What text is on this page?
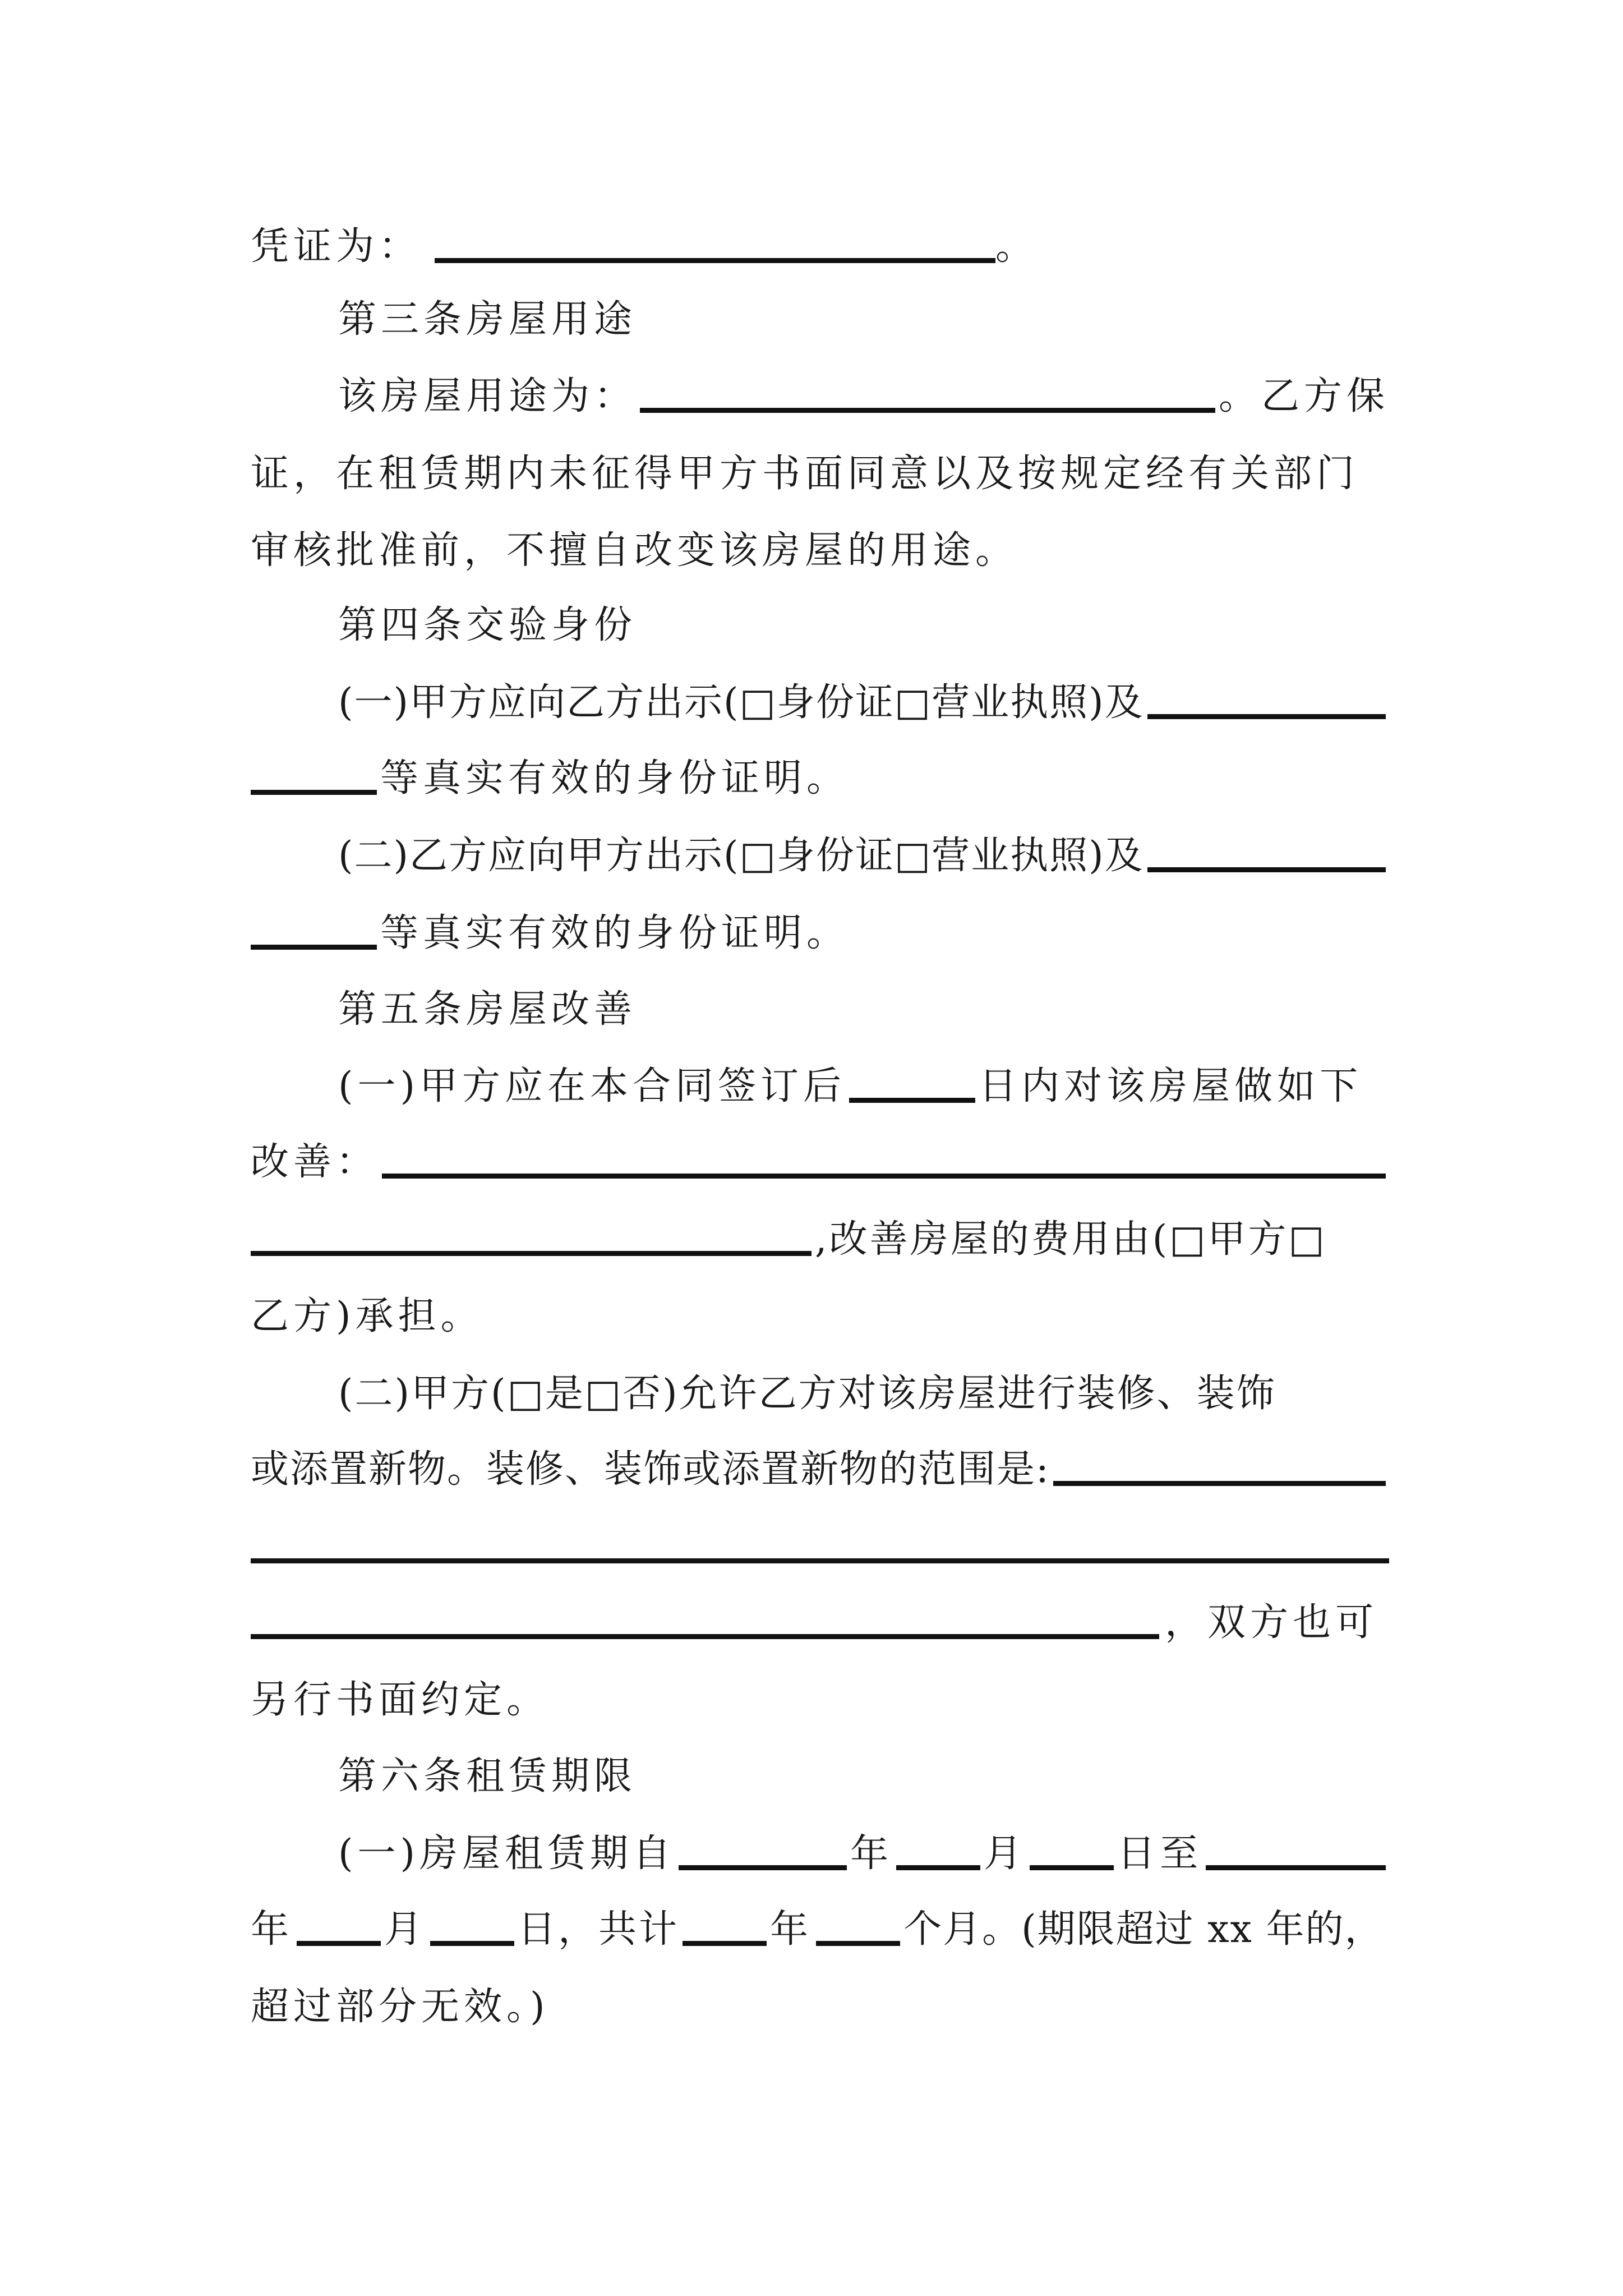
凭证为：	。
第三条房屋用途
该房屋用途为：	。乙方保
证，在租赁期内未征得甲方书面同意以及按规定经有关部门
审核批准前，不擅自改变该房屋的用途。
第四条交验身份
(一)甲方应向乙方出示(□身份证□营业执照)及
等真实有效的身份证明。
(二)乙方应向甲方出示(□身份证□营业执照)及
等真实有效的身份证明。
第五条房屋改善
(一)甲方应在本合同签订后	日内对该房屋做如下
改善：
,改善房屋的费用由(□甲方□
乙方)承担。
(二)甲方(□是□否)允许乙方对该房屋进行装修、装饰
或添置新物。装修、装饰或添置新物的范围是:
，双方也可
另行书面约定。
第六条租赁期限
(一)房屋租赁期自	年 月 日至
年 月 日，共计 年 个月。(期限超过 xx 年的，
超过部分无效。)
